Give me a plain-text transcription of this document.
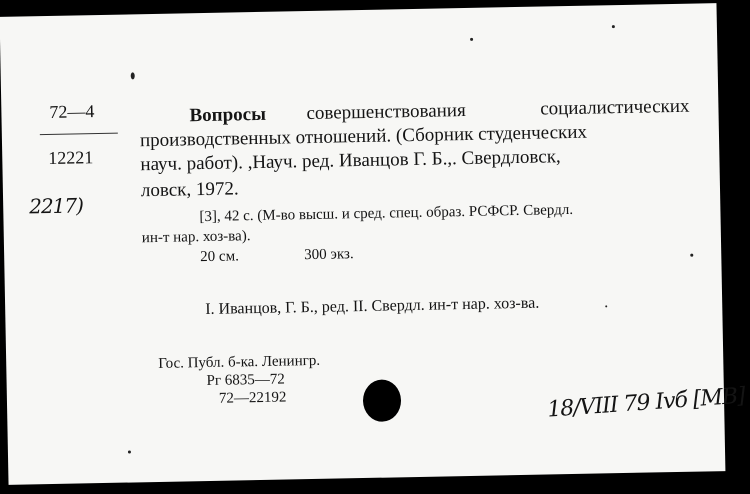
72—4
12221
2217)
Вопросы совершенствования	социалистических
производственных отношений. (Сборник студенческих
науч. работ). ,Науч. ред. Иванцов Г. Б.,. Свердловск,
ловск, 1972.
[3], 42 с. (М-во высш. и сред. спец. образ. РСФСР. Свердл.
ин-т нар. хоз-ва).
20 см.	300 экз.
I. Иванцов, Г. Б., ред. II. Свердл. ин-т нар. хоз-ва.
Гос. Публ. б-ка. Ленингр.
Рг 6835—72
72—22192	18/VIII 79 Ivб [MB]
